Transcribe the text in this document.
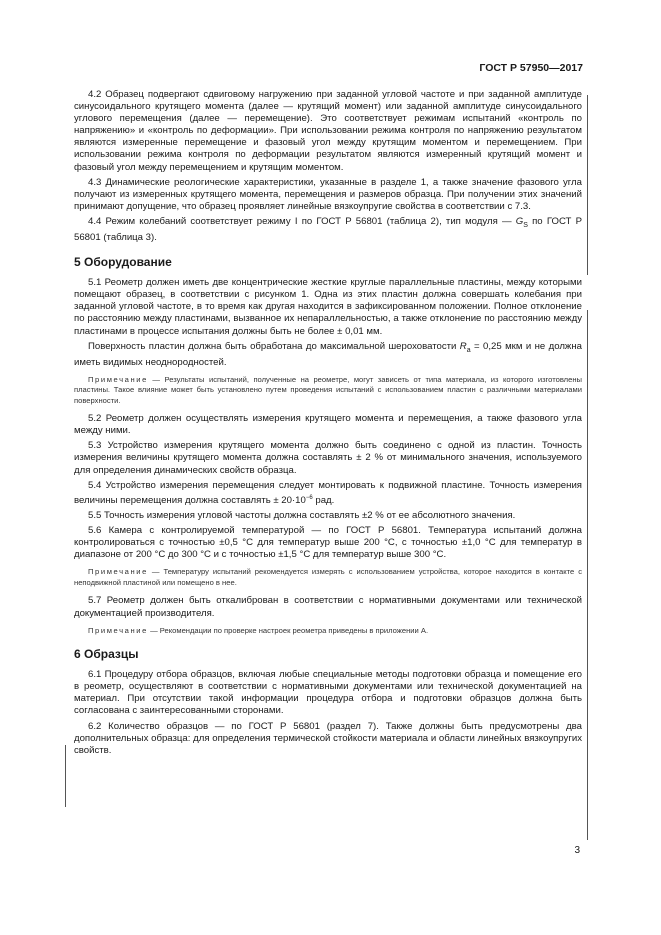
ГОСТ Р 57950—2017

4.2 Образец подвергают сдвиговому нагружению при заданной угловой частоте и при заданной амплитуде синусоидального крутящего момента (далее — крутящий момент) или заданной амплитуде синусоидального углового перемещения (далее — перемещение). Это соответствует режимам испытаний «контроль по напряжению» и «контроль по деформации». При использовании режима контроля по напряжению результатом являются измеренные перемещение и фазовый угол между крутящим моментом и перемещением. При использовании режима контроля по деформации результатом являются измеренный крутящий момент и фазовый угол между перемещением и крутящим моментом.

4.3 Динамические реологические характеристики, указанные в разделе 1, а также значение фазового угла получают из измеренных крутящего момента, перемещения и размеров образца. При получении этих значений принимают допущение, что образец проявляет линейные вязкоупругие свойства в соответствии с 7.3.

4.4 Режим колебаний соответствует режиму I по ГОСТ Р 56801 (таблица 2), тип модуля — $G_S$ по ГОСТ Р 56801 (таблица 3).

5 Оборудование

5.1 Реометр должен иметь две концентрические жесткие круглые параллельные пластины, между которыми помещают образец, в соответствии с рисунком 1. Одна из этих пластин должна совершать колебания при заданной угловой частоте, в то время как другая находится в зафиксированном положении. Полное отклонение по расстоянию между пластинами, вызванное их непараллельностью, а также отклонение по расстоянию между пластинами в процессе испытания должны быть не более ± 0,01 мм.

Поверхность пластин должна быть обработана до максимальной шероховатости $R_a = 0,25$ мкм и не должна иметь видимых неоднородностей.

Примечание — Результаты испытаний, полученные на реометре, могут зависеть от типа материала, из которого изготовлены пластины. Такое влияние может быть установлено путем проведения испытаний с использованием пластин с различными материалами поверхности.

5.2 Реометр должен осуществлять измерения крутящего момента и перемещения, а также фазового угла между ними.

5.3 Устройство измерения крутящего момента должно быть соединено с одной из пластин. Точность измерения величины крутящего момента должна составлять ± 2 % от минимального значения, используемого для определения динамических свойств образца.

5.4 Устройство измерения перемещения следует монтировать к подвижной пластине. Точность измерения величины перемещения должна составлять ± $20\cdot 10^{-6}$ рад.

5.5 Точность измерения угловой частоты должна составлять ±2 % от ее абсолютного значения.

5.6 Камера с контролируемой температурой — по ГОСТ Р 56801. Температура испытаний должна контролироваться с точностью ±0,5 °С для температур выше 200 °С, с точностью ±1,0 °С для температур в диапазоне от 200 °С до 300 °С и с точностью ±1,5 °С для температур выше 300 °С.

Примечание — Температуру испытаний рекомендуется измерять с использованием устройства, которое находится в контакте с неподвижной пластиной или помещено в нее.

5.7 Реометр должен быть откалиброван в соответствии с нормативными документами или технической документацией производителя.

Примечание — Рекомендации по проверке настроек реометра приведены в приложении А.

6 Образцы

6.1 Процедуру отбора образцов, включая любые специальные методы подготовки образца и помещение его в реометр, осуществляют в соответствии с нормативными документами или технической документацией на материал. При отсутствии такой информации процедура отбора и подготовки образцов должна быть согласована с заинтересованными сторонами.

6.2 Количество образцов — по ГОСТ Р 56801 (раздел 7). Также должны быть предусмотрены два дополнительных образца: для определения термической стойкости материала и области линейных вязкоупругих свойств.

3
